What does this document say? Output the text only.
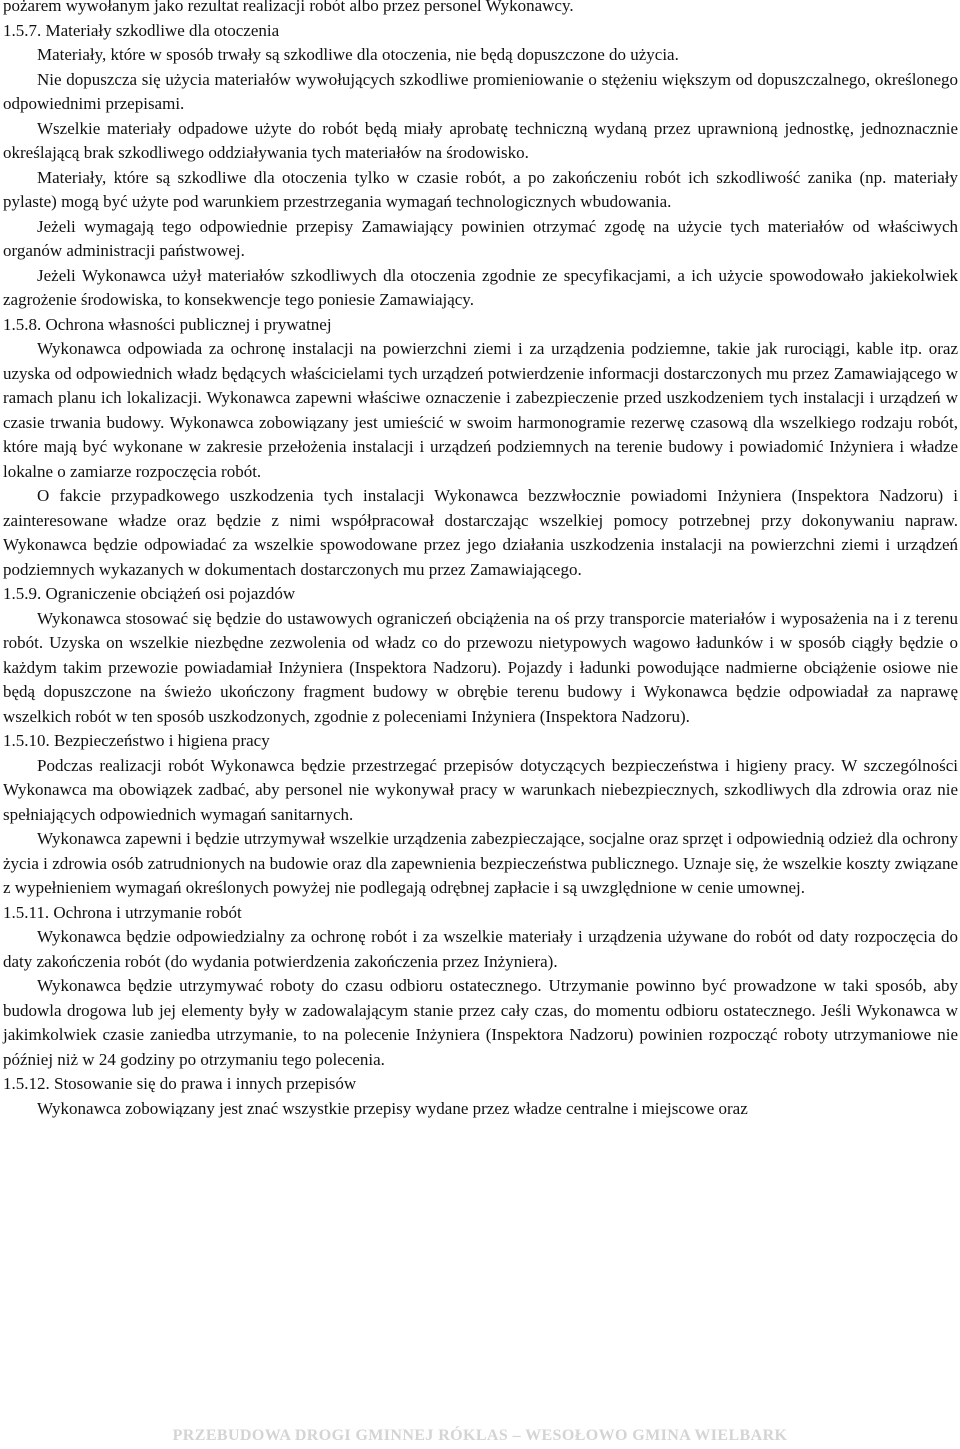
pożarem wywołanym jako rezultat realizacji robót albo przez personel Wykonawcy.

1.5.7. Materiały szkodliwe dla otoczenia

Materiały, które w sposób trwały są szkodliwe dla otoczenia, nie będą dopuszczone do użycia.

Nie dopuszcza się użycia materiałów wywołujących szkodliwe promieniowanie o stężeniu większym od dopuszczalnego, określonego odpowiednimi przepisami.

Wszelkie materiały odpadowe użyte do robót będą miały aprobatę techniczną wydaną przez uprawnioną jednostkę, jednoznacznie określającą brak szkodliwego oddziaływania tych materiałów na środowisko.

Materiały, które są szkodliwe dla otoczenia tylko w czasie robót, a po zakończeniu robót ich szkodliwość zanika (np. materiały pylaste) mogą być użyte pod warunkiem przestrzegania wymagań technologicznych wbudowania.

Jeżeli wymagają tego odpowiednie przepisy Zamawiający powinien otrzymać zgodę na użycie tych materiałów od właściwych organów administracji państwowej.

Jeżeli Wykonawca użył materiałów szkodliwych dla otoczenia zgodnie ze specyfikacjami, a ich użycie spowodowało jakiekolwiek zagrożenie środowiska, to konsekwencje tego poniesie Zamawiający.

1.5.8. Ochrona własności publicznej i prywatnej

Wykonawca odpowiada za ochronę instalacji na powierzchni ziemi i za urządzenia podziemne, takie jak rurociągi, kable itp. oraz uzyska od odpowiednich władz będących właścicielami tych urządzeń potwierdzenie informacji dostarczonych mu przez Zamawiającego w ramach planu ich lokalizacji. Wykonawca zapewni właściwe oznaczenie i zabezpieczenie przed uszkodzeniem tych instalacji i urządzeń w czasie trwania budowy. Wykonawca zobowiązany jest umieścić w swoim harmonogramie rezerwę czasową dla wszelkiego rodzaju robót, które mają być wykonane w zakresie przełożenia instalacji i urządzeń podziemnych na terenie budowy i powiadomić Inżyniera i władze lokalne o zamiarze rozpoczęcia robót.

O fakcie przypadkowego uszkodzenia tych instalacji Wykonawca bezzwłocznie powiadomi Inżyniera (Inspektora Nadzoru) i zainteresowane władze oraz będzie z nimi współpracował dostarczając wszelkiej pomocy potrzebnej przy dokonywaniu napraw. Wykonawca będzie odpowiadać za wszelkie spowodowane przez jego działania uszkodzenia instalacji na powierzchni ziemi i urządzeń podziemnych wykazanych w dokumentach dostarczonych mu przez Zamawiającego.

1.5.9. Ograniczenie obciążeń osi pojazdów

Wykonawca stosować się będzie do ustawowych ograniczeń obciążenia na oś przy transporcie materiałów i wyposażenia na i z terenu robót. Uzyska on wszelkie niezbędne zezwolenia od władz co do przewozu nietypowych wagowo ładunków i w sposób ciągły będzie o każdym takim przewozie powiadamiał Inżyniera (Inspektora Nadzoru). Pojazdy i ładunki powodujące nadmierne obciążenie osiowe nie będą dopuszczone na świeżo ukończony fragment budowy w obrębie terenu budowy i Wykonawca będzie odpowiadał za naprawę wszelkich robót w ten sposób uszkodzonych, zgodnie z poleceniami Inżyniera (Inspektora Nadzoru).

1.5.10. Bezpieczeństwo i higiena pracy

Podczas realizacji robót Wykonawca będzie przestrzegać przepisów dotyczących bezpieczeństwa i higieny pracy. W szczególności Wykonawca ma obowiązek zadbać, aby personel nie wykonywał pracy w warunkach niebezpiecznych, szkodliwych dla zdrowia oraz nie spełniających odpowiednich wymagań sanitarnych.

Wykonawca zapewni i będzie utrzymywał wszelkie urządzenia zabezpieczające, socjalne oraz sprzęt i odpowiednią odzież dla ochrony życia i zdrowia osób zatrudnionych na budowie oraz dla zapewnienia bezpieczeństwa publicznego. Uznaje się, że wszelkie koszty związane z wypełnieniem wymagań określonych powyżej nie podlegają odrębnej zapłacie i są uwzględnione w cenie umownej.

1.5.11. Ochrona i utrzymanie robót

Wykonawca będzie odpowiedzialny za ochronę robót i za wszelkie materiały i urządzenia używane do robót od daty rozpoczęcia do daty zakończenia robót (do wydania potwierdzenia zakończenia przez Inżyniera).

Wykonawca będzie utrzymywać roboty do czasu odbioru ostatecznego. Utrzymanie powinno być prowadzone w taki sposób, aby budowla drogowa lub jej elementy były w zadowalającym stanie przez cały czas, do momentu odbioru ostatecznego. Jeśli Wykonawca w jakimkolwiek czasie zaniedba utrzymanie, to na polecenie Inżyniera (Inspektora Nadzoru) powinien rozpocząć roboty utrzymaniowe nie później niż w 24 godziny po otrzymaniu tego polecenia.

1.5.12. Stosowanie się do prawa i innych przepisów

Wykonawca zobowiązany jest znać wszystkie przepisy wydane przez władze centralne i miejscowe oraz

PRZEBUDOWA DROGI GMINNEJ RÓKLAS – WESOŁOWO GMINA WIELBARK
